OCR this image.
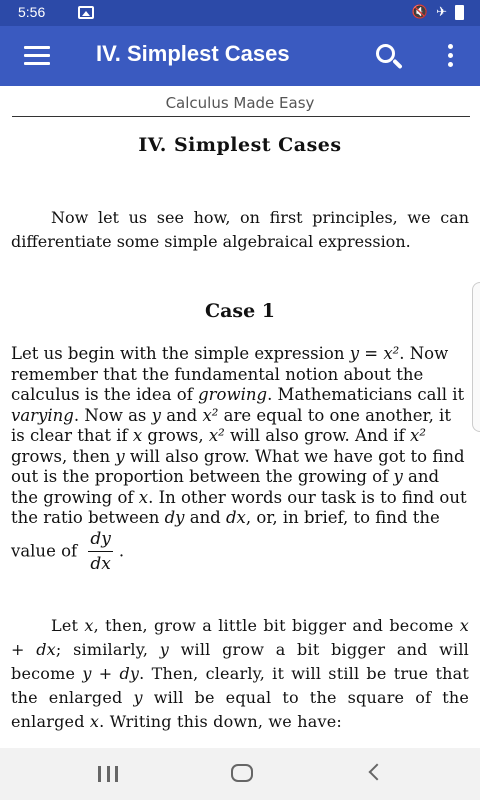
5:56	🔇 ✈
IV. Simplest Cases
Calculus Made Easy
IV. Simplest Cases

Now let us see how, on first principles, we can differentiate some simple algebraical expression.

Case 1

Let us begin with the simple expression y = x². Now remember that the fundamental notion about the calculus is the idea of growing. Mathematicians call it varying. Now as y and x² are equal to one another, it is clear that if x grows, x² will also grow. And if x² grows, then y will also grow. What we have got to find out is the proportion between the growing of y and the growing of x. In other words our task is to find out the ratio between dy and dx, or, in brief, to find the value of $\frac{dy}{dx}$ .

Let x, then, grow a little bit bigger and become x + dx; similarly, y will grow a bit bigger and will become y + dy. Then, clearly, it will still be true that the enlarged y will be equal to the square of the enlarged x. Writing this down, we have:
